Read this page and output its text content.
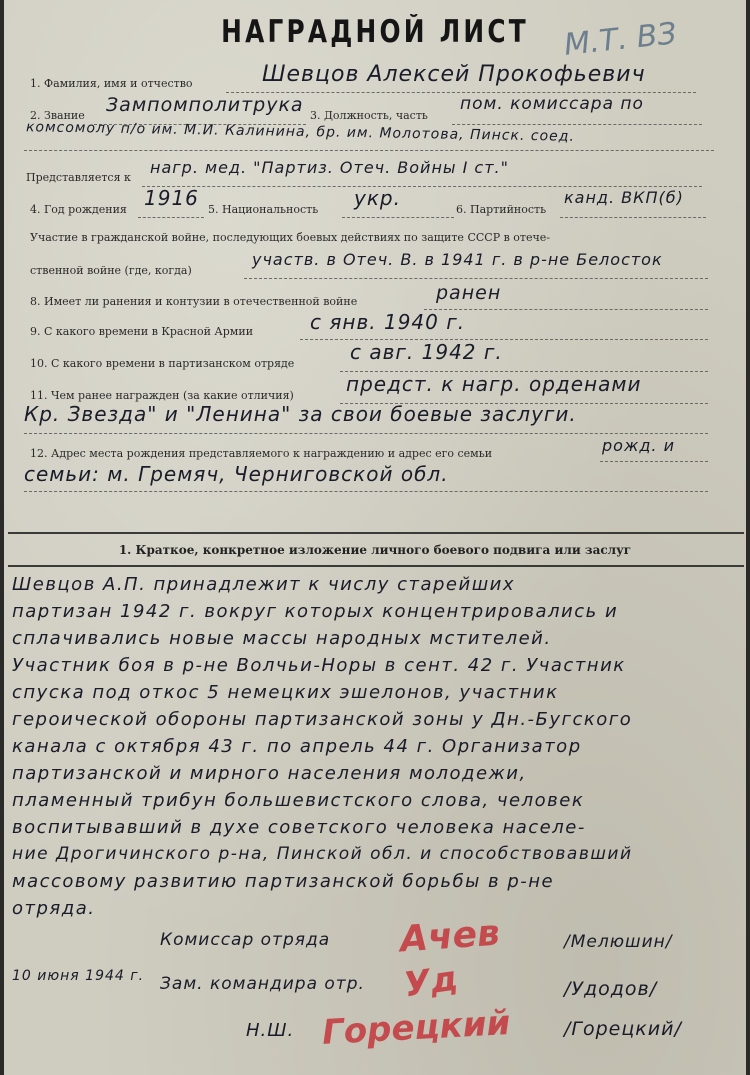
НАГРАДНОЙ ЛИСТ	М.Т. ВЗ
1. Фамилия, имя и отчество	Шевцов Алексей Прокофьевич
2. Звание Зампомполитрука 3. Должность, часть
пом. комиссара по
комсомолу п/о им. М.И. Калинина, бр. им. Молотова, Пинск. соед.
Представляется к
нагр. мед. "Партиз. Отеч. Войны I ст."
4. Год рождения 1916 5. Национальность укр.	6. Партийность
канд. ВКП(б)
Участие в гражданской войне, последующих боевых действиях по защите СССР в отече-
ственной войне (где, когда)
участв. в Отеч. В. в 1941 г. в р-не Белосток
8. Имеет ли ранения и контузии в отечественной войне	ранен
9. С какого времени в Красной Армии	с янв. 1940 г.
10. С какого времени в партизанском отряде	с авг. 1942 г.
11. Чем ранее награжден (за какие отличия)	предст. к нагр. орденами
Кр. Звезда" и "Ленина" за свои боевые заслуги.
12. Адрес места рождения представляемого к награждению и адрес его семьи	рожд. и
семьи: м. Гремяч, Черниговской обл.
1. Краткое, конкретное изложение личного боевого подвига или заслуг
Шевцов А.П. принадлежит к числу старейших
партизан 1942 г. вокруг которых концентрировались и
сплачивались новые массы народных мстителей.
Участник боя в р-не Волчьи-Норы в сент. 42 г. Участник
спуска под откос 5 немецких эшелонов, участник
героической обороны партизанской зоны у Дн.-Бугского
канала с октября 43 г. по апрель 44 г. Организатор
партизанской и мирного населения молодежи,
пламенный трибун большевистского слова, человек
воспитывавший в духе советского человека населе-
ние Дрогичинского р-на, Пинской обл. и способствовавший
массовому развитию партизанской борьбы в р-не
отряда.
Комиссар отряда Ачев	/Мелюшин/
10 июня 1944 г. Зам. командира отр. Уд	/Удодов/
Н.Ш. Горецкий	/Горецкий/
